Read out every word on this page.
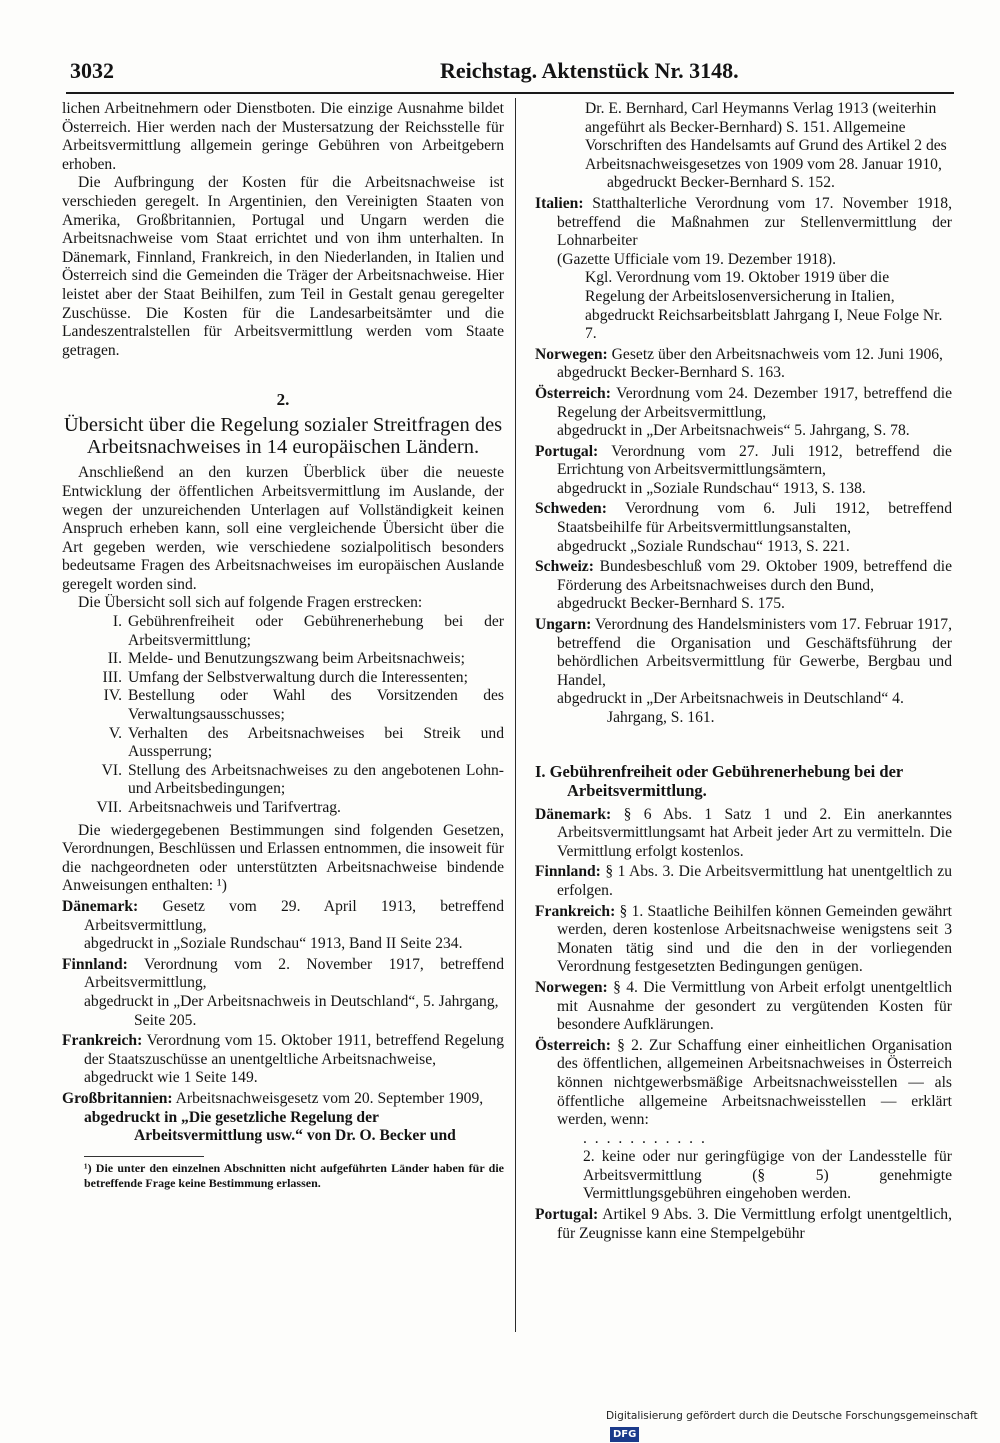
3032	Reichstag. Aktenstück Nr. 3148.

lichen Arbeitnehmern oder Dienstboten. Die einzige Ausnahme bildet Österreich. Hier werden nach der Mustersatzung der Reichsstelle für Arbeitsvermittlung allgemein geringe Gebühren von Arbeitgebern erhoben.

Die Aufbringung der Kosten für die Arbeitsnachweise ist verschieden geregelt. In Argentinien, den Vereinigten Staaten von Amerika, Großbritannien, Portugal und Ungarn werden die Arbeitsnachweise vom Staat errichtet und von ihm unterhalten. In Dänemark, Finnland, Frankreich, in den Niederlanden, in Italien und Österreich sind die Gemeinden die Träger der Arbeitsnachweise. Hier leistet aber der Staat Beihilfen, zum Teil in Gestalt genau geregelter Zuschüsse. Die Kosten für die Landesarbeitsämter und die Landeszentralstellen für Arbeitsvermittlung werden vom Staate getragen.

2.
Übersicht über die Regelung sozialer Streitfragen des Arbeitsnachweises in 14 europäischen Ländern.

Anschließend an den kurzen Überblick über die neueste Entwicklung der öffentlichen Arbeitsvermittlung im Auslande, der wegen der unzureichenden Unterlagen auf Vollständigkeit keinen Anspruch erheben kann, soll eine vergleichende Übersicht über die Art gegeben werden, wie verschiedene sozialpolitisch besonders bedeutsame Fragen des Arbeitsnachweises im europäischen Auslande geregelt worden sind.

Die Übersicht soll sich auf folgende Fragen erstrecken:

I. Gebührenfreiheit oder Gebührenerhebung bei der Arbeitsvermittlung;
II. Melde- und Benutzungszwang beim Arbeitsnachweis;
III. Umfang der Selbstverwaltung durch die Interessenten;
IV. Bestellung oder Wahl des Vorsitzenden des Verwaltungsausschusses;
V. Verhalten des Arbeitsnachweises bei Streik und Aussperrung;
VI. Stellung des Arbeitsnachweises zu den angebotenen Lohn- und Arbeitsbedingungen;
VII. Arbeitsnachweis und Tarifvertrag.

Die wiedergegebenen Bestimmungen sind folgenden Gesetzen, Verordnungen, Beschlüssen und Erlassen entnommen, die insoweit für die nachgeordneten oder unterstützten Arbeitsnachweise bindende Anweisungen enthalten: ¹)

Dänemark: Gesetz vom 29. April 1913, betreffend Arbeitsvermittlung,
abgedruckt in „Soziale Rundschau“ 1913, Band II Seite 234.
Finnland: Verordnung vom 2. November 1917, betreffend Arbeitsvermittlung,
abgedruckt in „Der Arbeitsnachweis in Deutschland“, 5. Jahrgang, Seite 205.
Frankreich: Verordnung vom 15. Oktober 1911, betreffend Regelung der Staatszuschüsse an unentgeltliche Arbeitsnachweise,
abgedruckt wie 1 Seite 149.
Großbritannien: Arbeitsnachweisgesetz vom 20. September 1909,
abgedruckt in „Die gesetzliche Regelung der Arbeitsvermittlung usw.“ von Dr. O. Becker und
¹) Die unter den einzelnen Abschnitten nicht aufgeführten Länder haben für die betreffende Frage keine Bestimmung erlassen.
Dr. E. Bernhard, Carl Heymanns Verlag 1913 (weiterhin angeführt als Becker-Bernhard) S. 151. Allgemeine Vorschriften des Handelsamts auf Grund des Artikel 2 des Arbeitsnachweisgesetzes von 1909 vom 28. Januar 1910,
abgedruckt Becker-Bernhard S. 152.
Italien: Statthalterliche Verordnung vom 17. November 1918, betreffend die Maßnahmen zur Stellenvermittlung der Lohnarbeiter
(Gazette Ufficiale vom 19. Dezember 1918).
Kgl. Verordnung vom 19. Oktober 1919 über die Regelung der Arbeitslosenversicherung in Italien, abgedruckt Reichsarbeitsblatt Jahrgang I, Neue Folge Nr. 7.
Norwegen: Gesetz über den Arbeitsnachweis vom 12. Juni 1906,
abgedruckt Becker-Bernhard S. 163.
Österreich: Verordnung vom 24. Dezember 1917, betreffend die Regelung der Arbeitsvermittlung,
abgedruckt in „Der Arbeitsnachweis“ 5. Jahrgang, S. 78.
Portugal: Verordnung vom 27. Juli 1912, betreffend die Errichtung von Arbeitsvermittlungsämtern,
abgedruckt in „Soziale Rundschau“ 1913, S. 138.
Schweden: Verordnung vom 6. Juli 1912, betreffend Staatsbeihilfe für Arbeitsvermittlungsanstalten,
abgedruckt „Soziale Rundschau“ 1913, S. 221.
Schweiz: Bundesbeschluß vom 29. Oktober 1909, betreffend die Förderung des Arbeitsnachweises durch den Bund,
abgedruckt Becker-Bernhard S. 175.
Ungarn: Verordnung des Handelsministers vom 17. Februar 1917, betreffend die Organisation und Geschäftsführung der behördlichen Arbeitsvermittlung für Gewerbe, Bergbau und Handel,
abgedruckt in „Der Arbeitsnachweis in Deutschland“ 4. Jahrgang, S. 161.
I. Gebührenfreiheit oder Gebührenerhebung bei der Arbeitsvermittlung.
Dänemark: § 6 Abs. 1 Satz 1 und 2. Ein anerkanntes Arbeitsvermittlungsamt hat Arbeit jeder Art zu vermitteln. Die Vermittlung erfolgt kostenlos.
Finnland: § 1 Abs. 3. Die Arbeitsvermittlung hat unentgeltlich zu erfolgen.
Frankreich: § 1. Staatliche Beihilfen können Gemeinden gewährt werden, deren kostenlose Arbeitsnachweise wenigstens seit 3 Monaten tätig sind und die den in der vorliegenden Verordnung festgesetzten Bedingungen genügen.
Norwegen: § 4. Die Vermittlung von Arbeit erfolgt unentgeltlich mit Ausnahme der gesondert zu vergütenden Kosten für besondere Aufklärungen.
Österreich: § 2. Zur Schaffung einer einheitlichen Organisation des öffentlichen, allgemeinen Arbeitsnachweises in Österreich können nichtgewerbsmäßige Arbeitsnachweisstellen — als öffentliche allgemeine Arbeitsnachweisstellen — erklärt werden, wenn:
. . . . . . . . . . .
2. keine oder nur geringfügige von der Landesstelle für Arbeitsvermittlung (§ 5) genehmigte Vermittlungsgebühren eingehoben werden.
Portugal: Artikel 9 Abs. 3. Die Vermittlung erfolgt unentgeltlich, für Zeugnisse kann eine Stempelgebühr
Digitalisierung gefördert durch die Deutsche Forschungsgemeinschaft DFG
